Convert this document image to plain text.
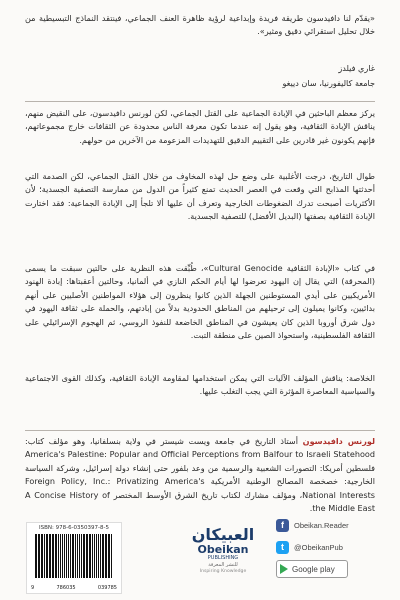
«يقدّم لنا دافيدسون طريقة فريدة وإبداعية لرؤية ظاهرة العنف الجماعي، فينتقد النماذج التبسيطية من خلال تحليل استقرائي دقيق ومثير».
غاري فيلدز
جامعة كاليفورنيا، سان دييغو
يركز معظم الباحثين في الإبادة الجماعية على القتل الجماعي، لكن لورنس دافيدسون، على النقيض منهم، يناقش الإبادة الثقافية، وهو يقول إنه عندما تكون معرفة الناس محدودة عن الثقافات خارج مجموعاتهم، فإنهم يكونون غير قادرين على التقييم الدقيق للتهديدات المزعومة من الآخرين من حولهم.
طوال التاريخ، درجت الأغلبية على وضع حل لهذه المخاوف من خلال القتل الجماعي، لكن الصدمة التي أحدثتها المذابح التي وقعت في العصر الحديث تمنع كثيراً من الدول من ممارسة التصفية الجسدية؛ لأن الأكثريات أصبحت تدرك الضغوطات الخارجية وتعرف أن عليها ألا تلجأ إلى الإبادة الجماعية: فقد اختارت الإبادة الثقافية بصفتها (البديل الأفضل) للتصفية الجسدية.
في كتاب «الإبادة الثقافية Cultural Genocide»، طُبِّقت هذه النظرية على حالتين سبقت ما يسمى (المحرقة) التي يقال إن اليهود تعرضوا لها أيام الحكم النازي في ألمانيا، وحالتين أعقبتاها: إبادة الهنود الأمريكيين على أيدي المستوطنين الجهلة الذين كانوا ينظرون إلى هؤلاء المواطنين الأصليين على أنهم بدائيين، وكانوا يميلون إلى ترحيلهم من المناطق الحدودية بدلاً من إبادتهم، والحملة على ثقافة اليهود في دول شرق أوروبا الذين كان يعيشون في المناطق الخاضعة للنفوذ الروسي، ثم الهجوم الإسرائيلي على الثقافة الفلسطينية، واستحواذ الصين على منطقة التبت.
الخلاصة: يناقش المؤلف الآليات التي يمكن استخدامها لمقاومة الإبادة الثقافية، وكذلك القوى الاجتماعية والسياسية المعاصرة المؤثرة التي يجب التغلب عليها.
لورنس دافيدسون أستاذ التاريخ في جامعة ويست شيستر في ولاية بنسلفانيا، وهو مؤلف كتاب: America's Palestine: Popular and Official Perceptions from Balfour to Israeli Statehood فلسطين أمريكا: التصورات الشعبية والرسمية من وعد بلفور حتى إنشاء دولة إسرائيل، وشركة السياسة الخارجية: خصخصة المصالح الوطنية الأمريكية Foreign Policy, Inc.: Privatizing America's National Interests، ومؤلف مشارك لكتاب تاريخ الشرق الأوسط المختصر A Concise History of the Middle East.
ISBN: 978-6-0350397-8-5
9	786035	039785
العبيكان
Obeikan
PUBLISHING
للنشر المعرفة
Inspiring Knowledge
f	Obeikan.Reader
t	@ObeikanPub
Google play
